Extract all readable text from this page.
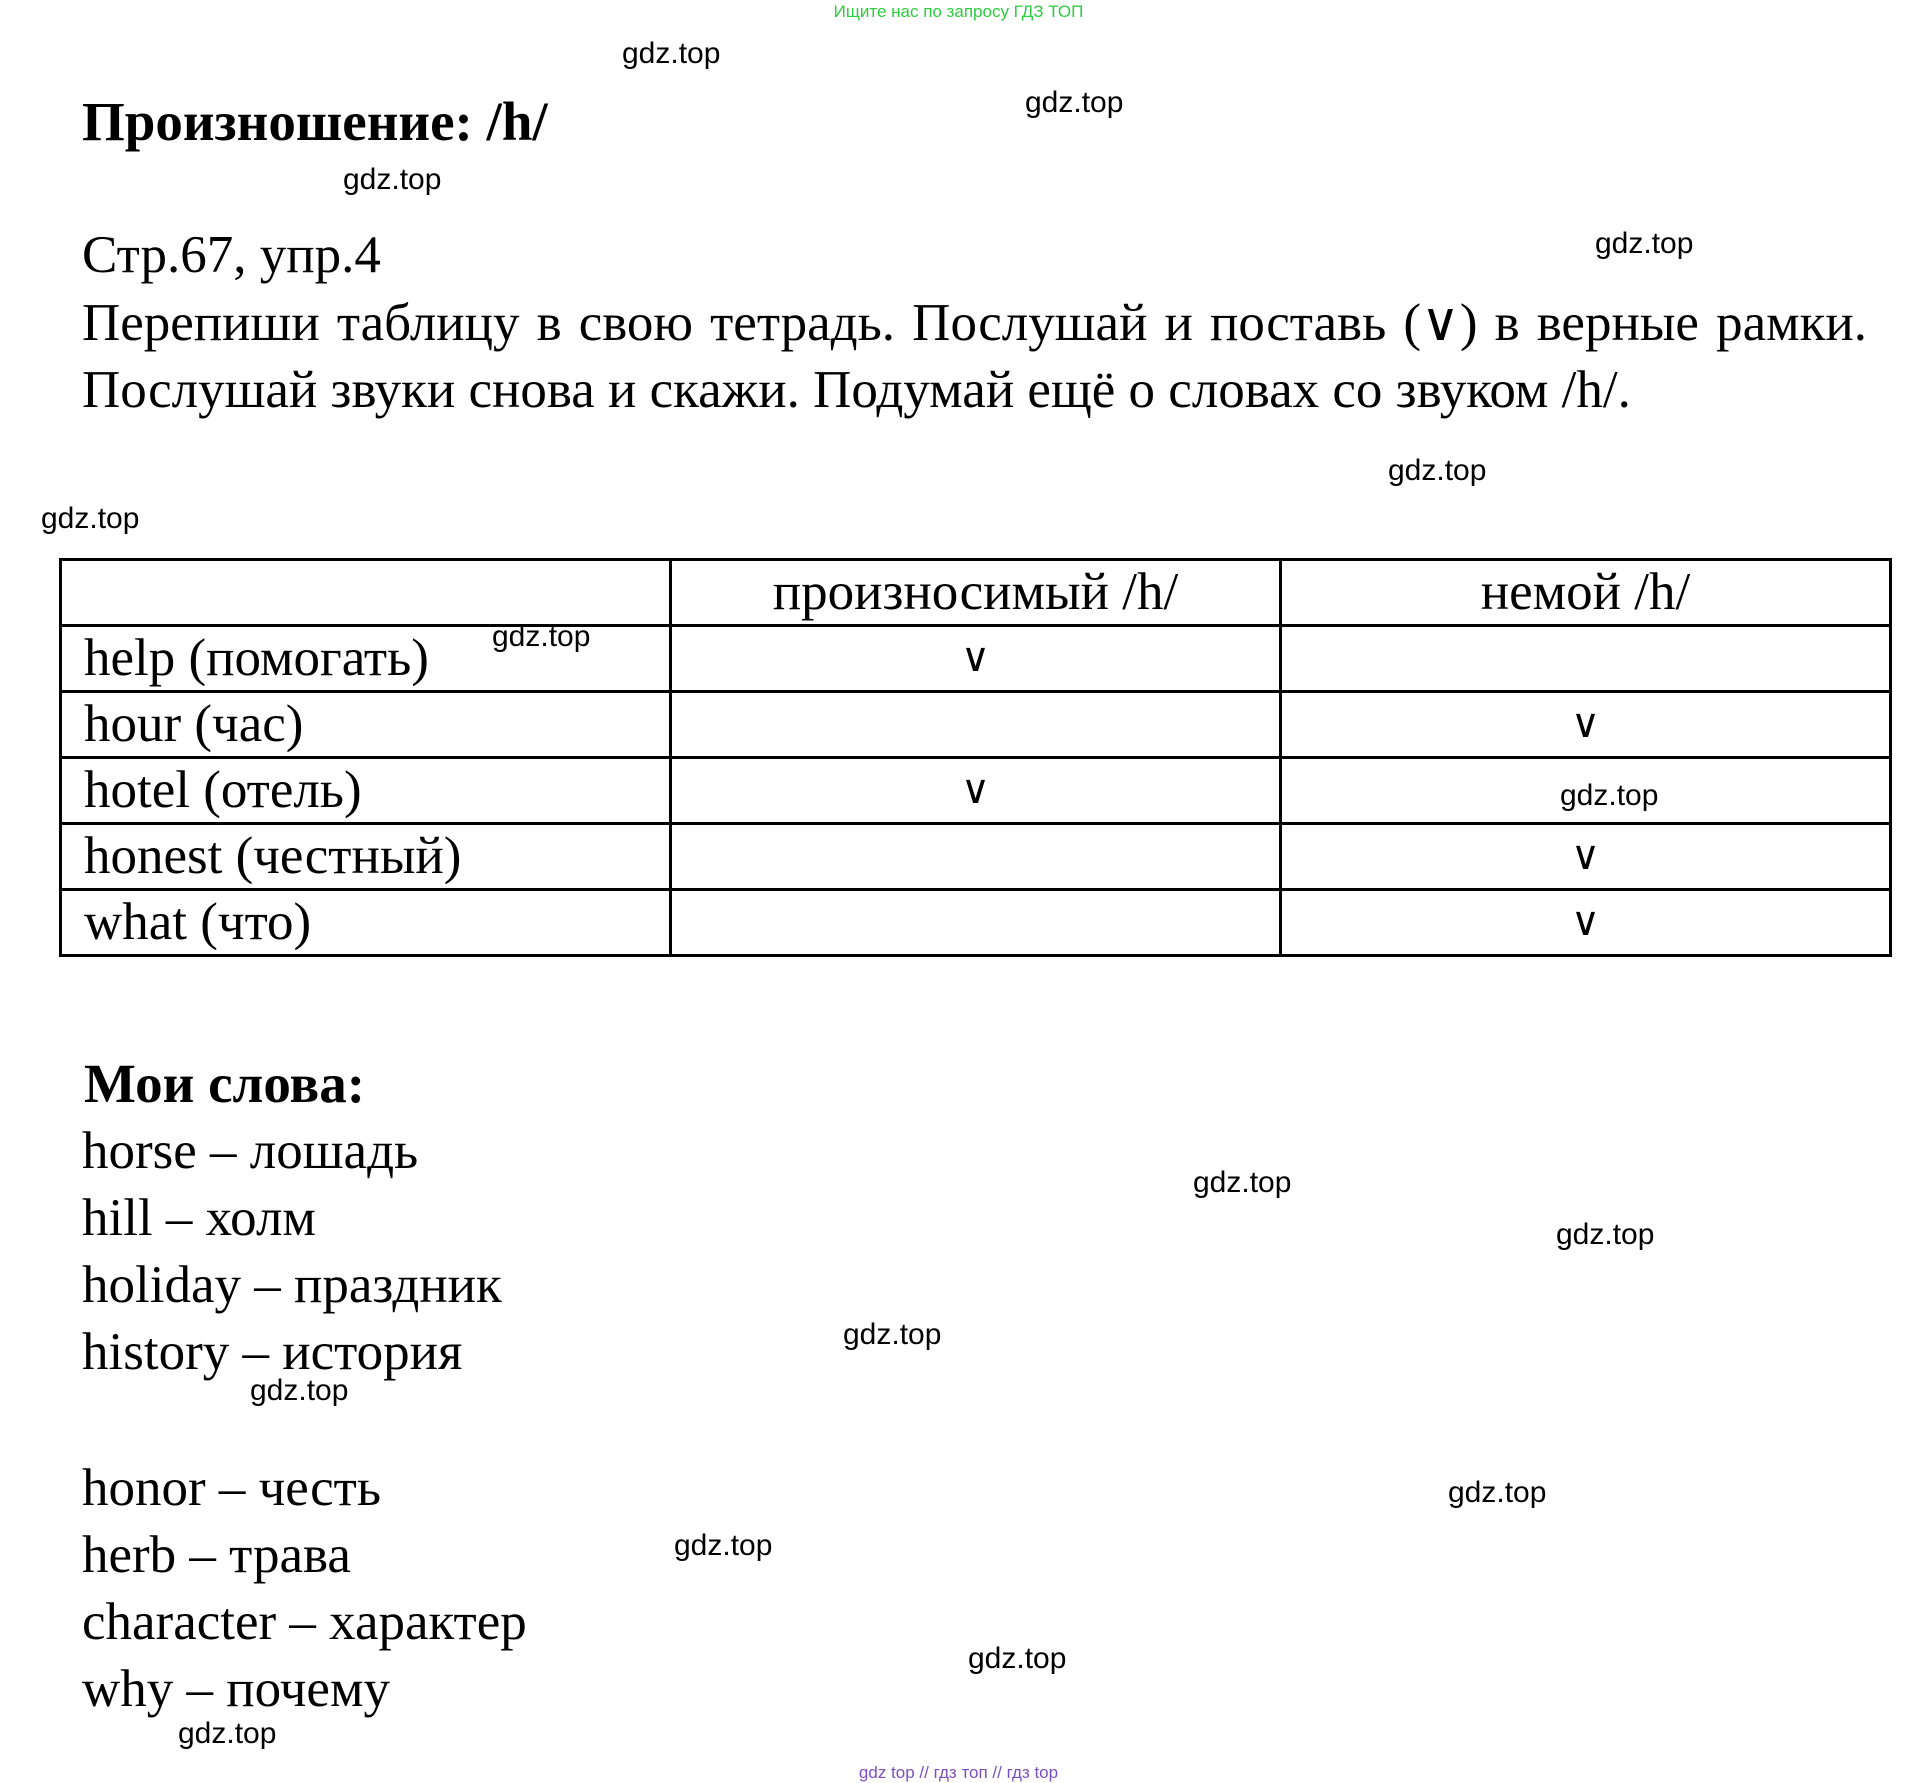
Ищите нас по запросу ГДЗ ТОП
gdz top // гдз топ // гдз top
Произношение: /h/
Стр.67, упр.4
Перепиши таблицу в свою тетрадь. Послушай и поставь (∨) в верные рамки. Послушай звуки снова и скажи. Подумай ещё о словах со звуком /h/.
	произносимый /h/	немой /h/
help (помогать)	∨	
hour (час)		∨
hotel (отель)	∨	
honest (честный)		∨
what (что)		∨
Мои слова:
horse – лошадь
hill – холм
holiday – праздник
history – история
honor – честь
herb – трава
character – характер
why – почему
gdz.top
gdz.top
gdz.top
gdz.top
gdz.top
gdz.top
gdz.top
gdz.top
gdz.top
gdz.top
gdz.top
gdz.top
gdz.top
gdz.top
gdz.top
gdz.top
